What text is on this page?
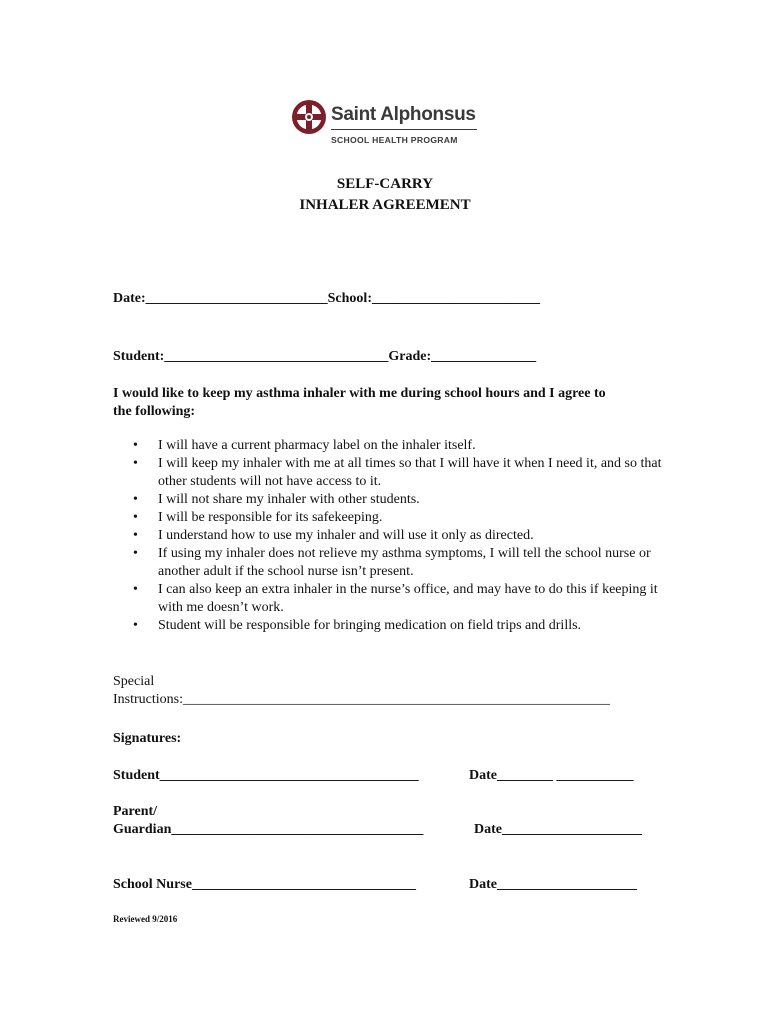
Saint Alphonsus
SCHOOL HEALTH PROGRAM
SELF-CARRY
INHALER AGREEMENT
Date:__________________________School:________________________
Student:________________________________Grade:_______________
I would like to keep my asthma inhaler with me during school hours and I agree to
the following:
• I will have a current pharmacy label on the inhaler itself.
• I will keep my inhaler with me at all times so that I will have it when I need it, and so that other students will not have access to it.
• I will not share my inhaler with other students.
• I will be responsible for its safekeeping.
• I understand how to use my inhaler and will use it only as directed.
• If using my inhaler does not relieve my asthma symptoms, I will tell the school nurse or another adult if the school nurse isn’t present.
• I can also keep an extra inhaler in the nurse’s office, and may have to do this if keeping it with me doesn’t work.
• Student will be responsible for bringing medication on field trips and drills.
Special
Instructions:_____________________________________________________________
Signatures:
Student_____________________________________	Date________ ___________
Parent/
Guardian____________________________________	Date____________________
School Nurse________________________________	Date____________________
Reviewed 9/2016
